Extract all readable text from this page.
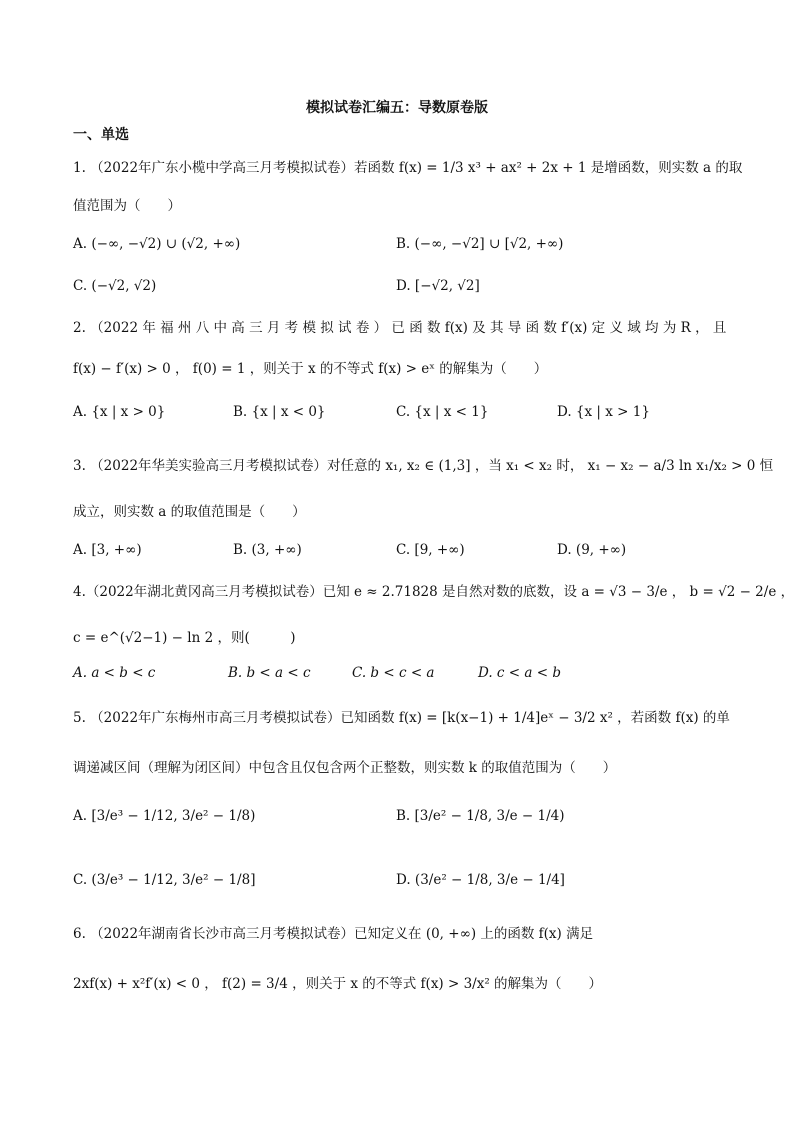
模拟试卷汇编五：导数原卷版
一、单选
1. （2022年广东小榄中学高三月考模拟试卷）若函数 f(x) = 1/3 x³ + ax² + 2x + 1 是增函数，则实数 a 的取
值范围为（　　）
A. (−∞, −√2) ∪ (√2, +∞)	B. (−∞, −√2] ∪ [√2, +∞)
C. (−√2, √2)	D. [−√2, √2]
2. （2022 年 福 州 八 中 高 三 月 考 模 拟 试 卷 ） 已 函 数 f(x) 及 其 导 函 数 f′(x) 定 义 域 均 为 R ， 且
f(x) − f′(x) > 0 ， f(0) = 1 ，则关于 x 的不等式 f(x) > eˣ 的解集为（　　）
A. {x | x > 0}	B. {x | x < 0}	C. {x | x < 1}	D. {x | x > 1}
3. （2022年华美实验高三月考模拟试卷）对任意的 x₁, x₂ ∈ (1,3] ，当 x₁ < x₂ 时， x₁ − x₂ − a/3 ln x₁/x₂ > 0 恒
成立，则实数 a 的取值范围是（　　）
A. [3, +∞)	B. (3, +∞)	C. [9, +∞)	D. (9, +∞)
4.（2022年湖北黄冈高三月考模拟试卷）已知 e ≈ 2.71828 是自然对数的底数，设 a = √3 − 3/e ， b = √2 − 2/e ，
c = e^(√2−1) − ln 2 ，则(　　　)
A. a < b < c	B. b < a < c	C. b < c < a	D. c < a < b
5. （2022年广东梅州市高三月考模拟试卷）已知函数 f(x) = [k(x−1) + 1/4]eˣ − 3/2 x² ，若函数 f(x) 的单
调递减区间（理解为闭区间）中包含且仅包含两个正整数，则实数 k 的取值范围为（　　）
A. [3/e³ − 1/12, 3/e² − 1/8)	B. [3/e² − 1/8, 3/e − 1/4)
C. (3/e³ − 1/12, 3/e² − 1/8]	D. (3/e² − 1/8, 3/e − 1/4]
6. （2022年湖南省长沙市高三月考模拟试卷）已知定义在 (0, +∞) 上的函数 f(x) 满足
2xf(x) + x²f′(x) < 0 ， f(2) = 3/4 ，则关于 x 的不等式 f(x) > 3/x² 的解集为（　　）
